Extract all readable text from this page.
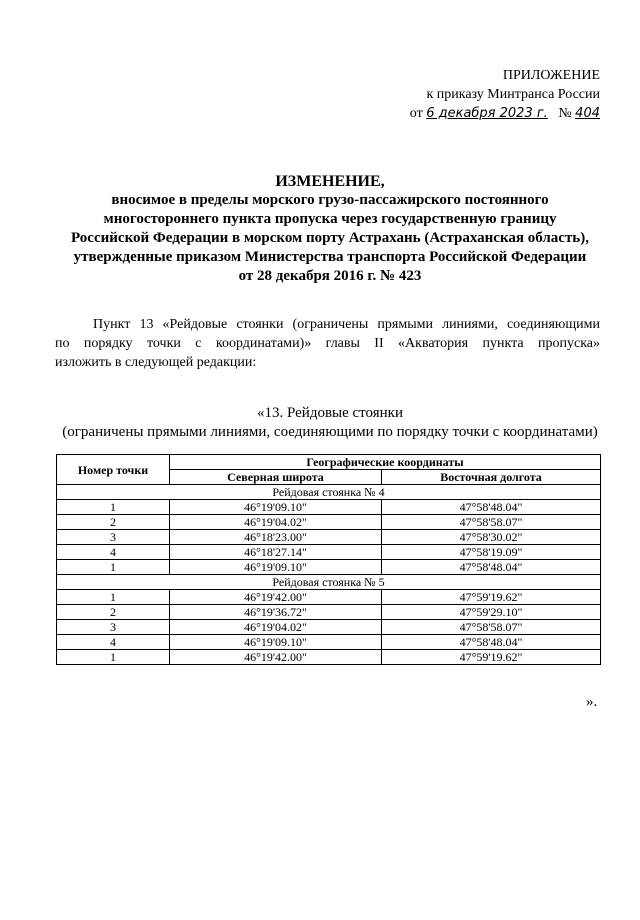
ПРИЛОЖЕНИЕ
к приказу Минтранса России
от 6 декабря 2023 г. № 404
ИЗМЕНЕНИЕ,
вносимое в пределы морского грузо-пассажирского постоянного
многостороннего пункта пропуска через государственную границу
Российской Федерации в морском порту Астрахань (Астраханская область),
утвержденные приказом Министерства транспорта Российской Федерации
от 28 декабря 2016 г. № 423
Пункт 13 «Рейдовые стоянки (ограничены прямыми линиями, соединяющими
по порядку точки с координатами)» главы II «Акватория пункта пропуска»
изложить в следующей редакции:
«13. Рейдовые стоянки
(ограничены прямыми линиями, соединяющими по порядку точки с координатами)
Номер точки	Географические координаты	
	Северная широта	Восточная долгота
Рейдовая стоянка № 4		
1	46°19'09.10"	47°58'48.04"
2	46°19'04.02"	47°58'58.07"
3	46°18'23.00"	47°58'30.02"
4	46°18'27.14"	47°58'19.09"
1	46°19'09.10"	47°58'48.04"
Рейдовая стоянка № 5		
1	46°19'42.00"	47°59'19.62"
2	46°19'36.72"	47°59'29.10"
3	46°19'04.02"	47°58'58.07"
4	46°19'09.10"	47°58'48.04"
1	46°19'42.00"	47°59'19.62"
».
